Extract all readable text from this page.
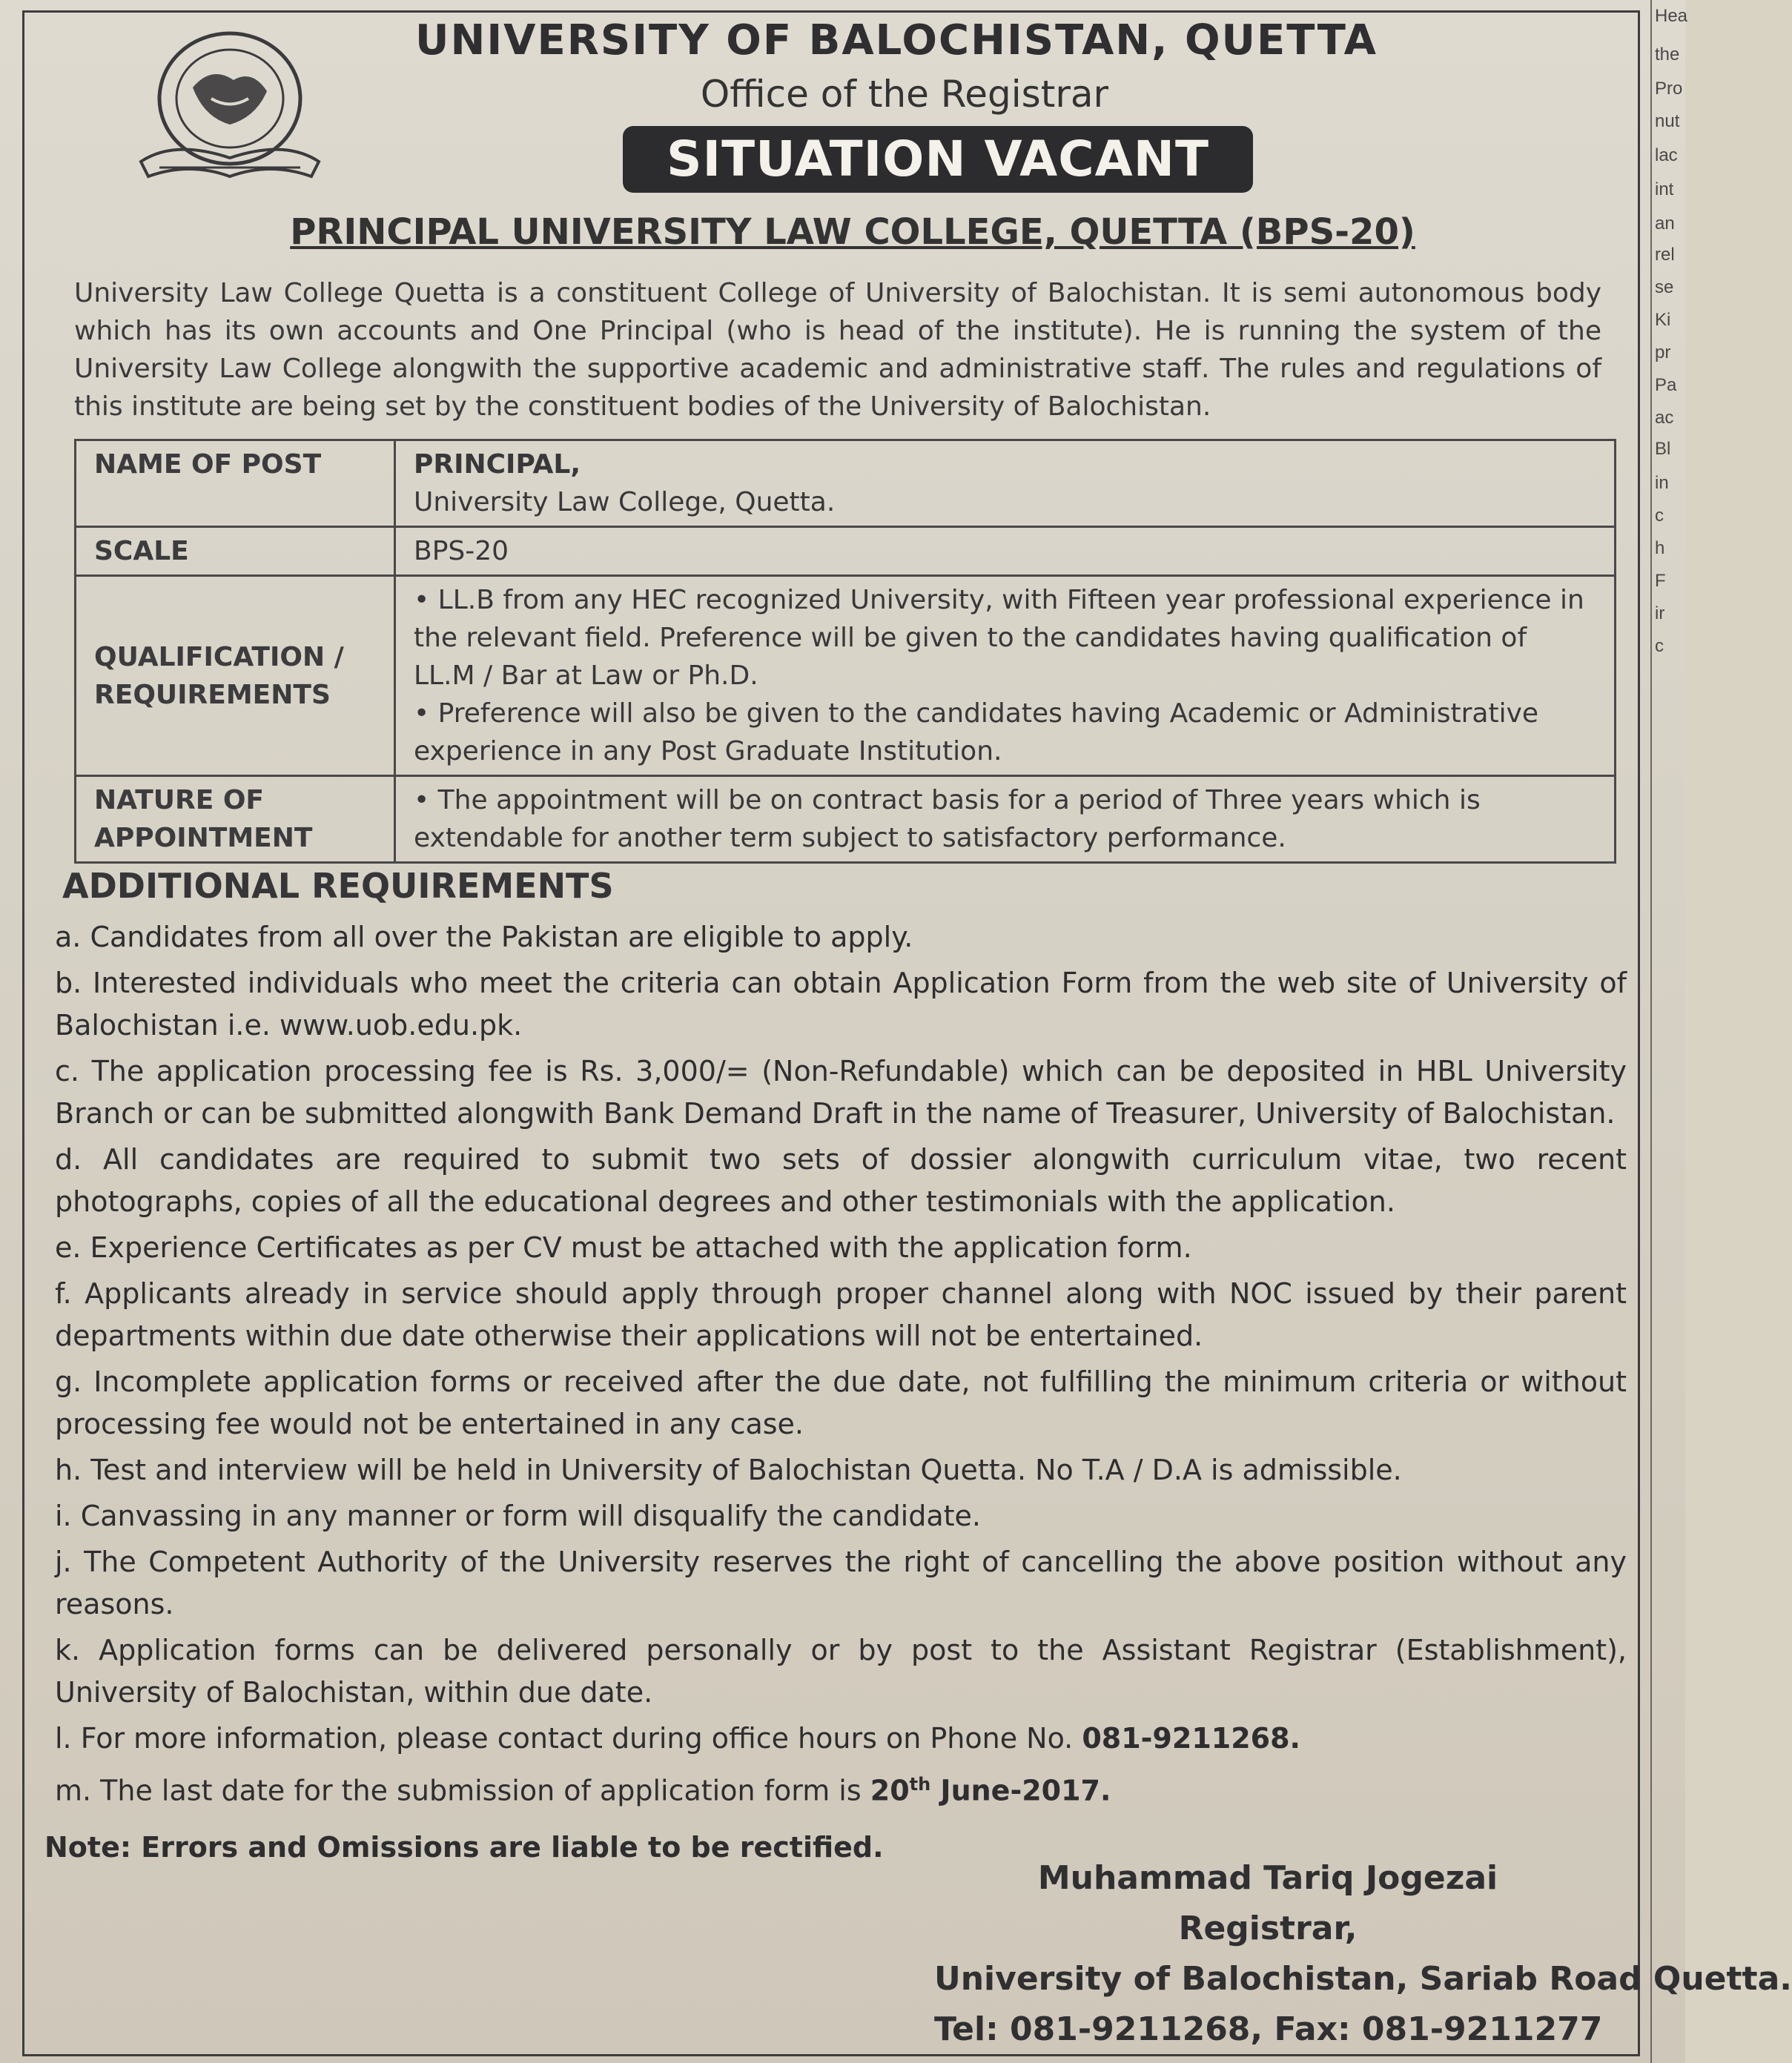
Hea
the
Pro
nut
lac
int
an
rel
se
Ki
pr
Pa
ac
Bl
in
c
h
F
ir
c
UNIVERSITY OF BALOCHISTAN, QUETTA
Office of the Registrar
SITUATION VACANT
PRINCIPAL UNIVERSITY LAW COLLEGE, QUETTA (BPS-20)
University Law College Quetta is a constituent College of University of Balochistan. It is semi autonomous body which has its own accounts and One Principal (who is head of the institute). He is running the system of the University Law College alongwith the supportive academic and administrative staff. The rules and regulations of this institute are being set by the constituent bodies of the University of Balochistan.
NAME OF POST	PRINCIPAL,
University Law College, Quetta.

SCALE	BPS-20
QUALIFICATION / REQUIREMENTS	• LL.B from any HEC recognized University, with Fifteen year professional experience in the relevant field. Preference will be given to the candidates having qualification of LL.M / Bar at Law or Ph.D.
• Preference will also be given to the candidates having Academic or Administrative experience in any Post Graduate Institution.

NATURE OF APPOINTMENT	• The appointment will be on contract basis for a period of Three years which is extendable for another term subject to satisfactory performance.
ADDITIONAL REQUIREMENTS
a. Candidates from all over the Pakistan are eligible to apply.
b. Interested individuals who meet the criteria can obtain Application Form from the web site of University of Balochistan i.e. www.uob.edu.pk.
c. The application processing fee is Rs. 3,000/= (Non-Refundable) which can be deposited in HBL University Branch or can be submitted alongwith Bank Demand Draft in the name of Treasurer, University of Balochistan.
d. All candidates are required to submit two sets of dossier alongwith curriculum vitae, two recent photographs, copies of all the educational degrees and other testimonials with the application.
e. Experience Certificates as per CV must be attached with the application form.
f. Applicants already in service should apply through proper channel along with NOC issued by their parent departments within due date otherwise their applications will not be entertained.
g. Incomplete application forms or received after the due date, not fulfilling the minimum criteria or without processing fee would not be entertained in any case.
h. Test and interview will be held in University of Balochistan Quetta. No T.A / D.A is admissible.
i. Canvassing in any manner or form will disqualify the candidate.
j. The Competent Authority of the University reserves the right of cancelling the above position without any reasons.
k. Application forms can be delivered personally or by post to the Assistant Registrar (Establishment), University of Balochistan, within due date.
l. For more information, please contact during office hours on Phone No. 081-9211268.
m. The last date for the submission of application form is 20th June-2017.
Note: Errors and Omissions are liable to be rectified.
Muhammad Tariq Jogezai
Registrar,
University of Balochistan, Sariab Road Quetta.
Tel: 081-9211268, Fax: 081-9211277
